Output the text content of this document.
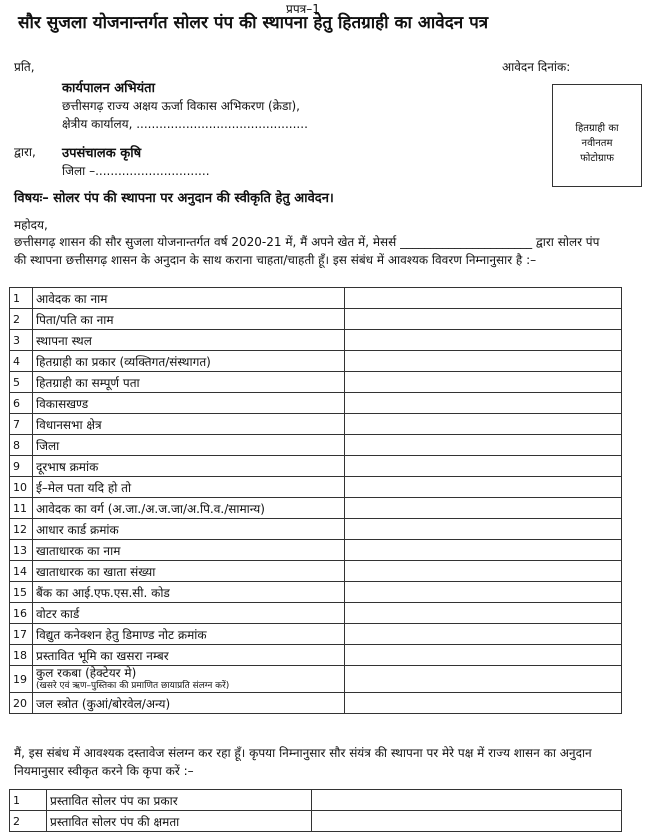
प्रपत्र–1
सौर सुजला योजनान्तर्गत सोलर पंप की स्थापना हेतु हितग्राही का आवेदन पत्र
प्रति,	आवेदन दिनांक:
कार्यपालन अभियंता
छत्तीसगढ़ राज्य अक्षय ऊर्जा विकास अभिकरण (क्रेडा),
क्षेत्रीय कार्यालय, .............................................	हितग्राही का
नवीनतम
फोटोग्राफ
द्वारा, उपसंचालक कृषि
जिला –..............................
विषयः– सोलर पंप की स्थापना पर अनुदान की स्वीकृति हेतु आवेदन।
महोदय,
छत्तीसगढ़ शासन की सौर सुजला योजनान्तर्गत वर्ष 2020-21 में, मैं अपने खेत में, मेसर्स ______________________ द्वारा सोलर पंप की स्थापना छत्तीसगढ़ शासन के अनुदान के साथ कराना चाहता/चाहती हूँ। इस संबंध में आवश्यक विवरण निम्नानुसार है :–
1	आवेदक का नाम	
2	पिता/पति का नाम	
3	स्थापना स्थल	
4	हितग्राही का प्रकार (व्यक्तिगत/संस्थागत)	
5	हितग्राही का सम्पूर्ण पता	
6	विकासखण्ड	
7	विधानसभा क्षेत्र	
8	जिला	
9	दूरभाष क्रमांक	
10	ई–मेल पता यदि हो तो	
11	आवेदक का वर्ग (अ.जा./अ.ज.जा/अ.पि.व./सामान्य)	
12	आधार कार्ड क्रमांक	
13	खाताधारक का नाम	
14	खाताधारक का खाता संख्या	
15	बैंक का आई.एफ.एस.सी. कोड	
16	वोटर कार्ड	
17	विद्युत कनेक्शन हेतु डिमाण्ड नोट क्रमांक	
18	प्रस्तावित भूमि का खसरा नम्बर	
19	कुल रकबा (हेक्टेयर मे)
(खसरे एवं ऋण–पुस्तिका की प्रमाणित छायाप्रति संलग्न करें)	

20	जल स्त्रोत (कुआं/बोरवेल/अन्य)	
मैं, इस संबंध में आवश्यक दस्तावेज संलग्न कर रहा हूँ। कृपया निम्नानुसार सौर संयंत्र की स्थापना पर मेरे पक्ष में राज्य शासन का अनुदान नियमानुसार स्वीकृत करने कि कृपा करें :–
1	प्रस्तावित सोलर पंप का प्रकार	
2	प्रस्तावित सोलर पंप की क्षमता	
